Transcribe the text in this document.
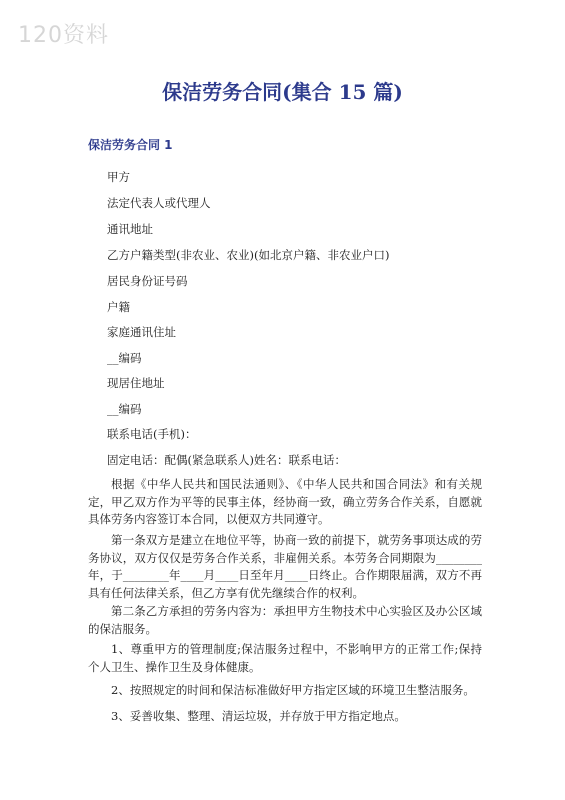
120资料
保洁劳务合同(集合 15 篇)
保洁劳务合同 1
甲方
法定代表人或代理人
通讯地址
乙方户籍类型(非农业、农业)(如北京户籍、非农业户口)
居民身份证号码
户籍
家庭通讯住址
__编码
现居住地址
__编码
联系电话(手机)：
固定电话：配偶(紧急联系人)姓名：联系电话：
根据《中华人民共和国民法通则》、《中华人民共和国合同法》和有关规定，甲乙双方作为平等的民事主体，经协商一致，确立劳务合作关系，自愿就具体劳务内容签订本合同，以便双方共同遵守。
第一条双方是建立在地位平等，协商一致的前提下，就劳务事项达成的劳务协议，双方仅仅是劳务合作关系，非雇佣关系。本劳务合同期限为________年，于________年____月____日至年月____日终止。合作期限届满，双方不再具有任何法律关系，但乙方享有优先继续合作的权利。
第二条乙方承担的劳务内容为：承担甲方生物技术中心实验区及办公区域的保洁服务。
1、尊重甲方的管理制度;保洁服务过程中，不影响甲方的正常工作;保持个人卫生、操作卫生及身体健康。
2、按照规定的时间和保洁标准做好甲方指定区域的环境卫生整洁服务。
3、妥善收集、整理、清运垃圾，并存放于甲方指定地点。
